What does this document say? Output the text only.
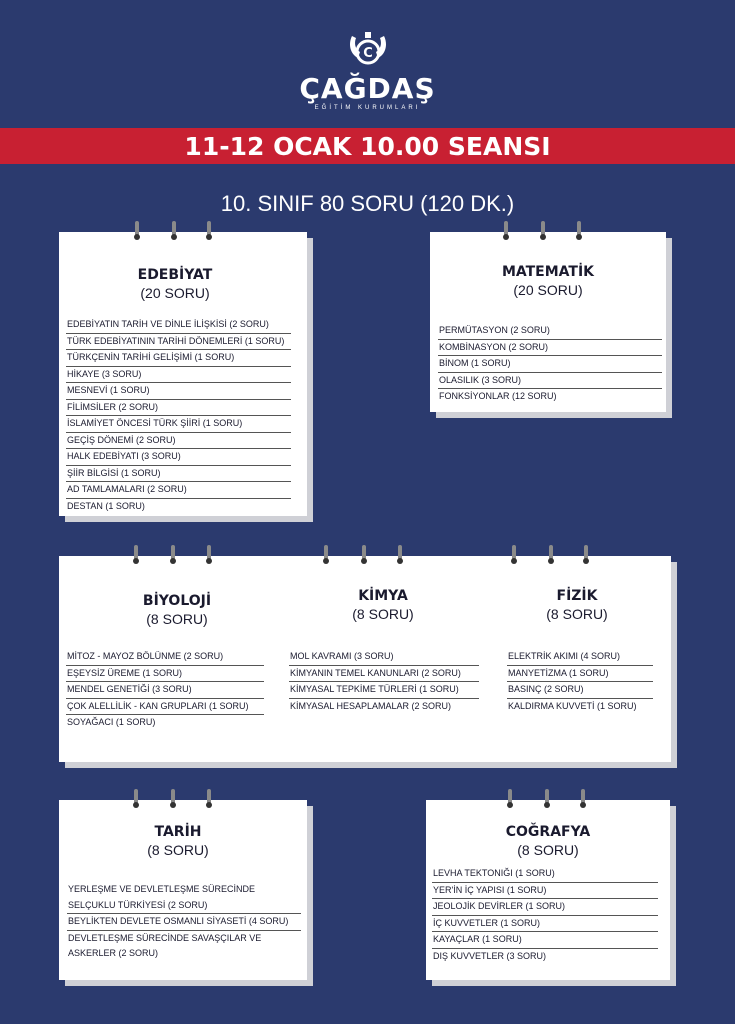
C
ÇAĞDAŞ
EĞİTİM KURUMLARI
11-12 OCAK 10.00 SEANSI
10. SINIF 80 SORU (120 DK.)
EDEBİYAT
(20 SORU)
EDEBİYATIN TARİH VE DİNLE İLİŞKİSİ (2 SORU)
TÜRK EDEBİYATININ TARİHİ DÖNEMLERİ (1 SORU)
TÜRKÇENİN TARİHİ GELİŞİMİ (1 SORU)
HİKAYE (3 SORU)
MESNEVİ (1 SORU)
FİLİMSİLER (2 SORU)
İSLAMİYET ÖNCESİ TÜRK ŞİİRİ (1 SORU)
GEÇİŞ DÖNEMİ (2 SORU)
HALK EDEBİYATI (3 SORU)
ŞİİR BİLGİSİ (1 SORU)
AD TAMLAMALARI (2 SORU)
DESTAN (1 SORU)
MATEMATİK
(20 SORU)
PERMÜTASYON (2 SORU)
KOMBİNASYON (2 SORU)
BİNOM (1 SORU)
OLASILIK (3 SORU)
FONKSİYONLAR (12 SORU)
BİYOLOJİ
(8 SORU)
MİTOZ - MAYOZ BÖLÜNME (2 SORU)
EŞEYSİZ ÜREME (1 SORU)
MENDEL GENETİĞİ (3 SORU)
ÇOK ALELLİLİK - KAN GRUPLARI (1 SORU)
SOYAĞACI (1 SORU)
KİMYA
(8 SORU)
MOL KAVRAMI (3 SORU)
KİMYANIN TEMEL KANUNLARI (2 SORU)
KİMYASAL TEPKİME TÜRLERİ (1 SORU)
KİMYASAL HESAPLAMALAR (2 SORU)
FİZİK
(8 SORU)
ELEKTRİK AKIMI (4 SORU)
MANYETİZMA (1 SORU)
BASINÇ (2 SORU)
KALDIRMA KUVVETİ (1 SORU)
TARİH
(8 SORU)
YERLEŞME VE DEVLETLEŞME SÜRECİNDE
SELÇUKLU TÜRKİYESİ (2 SORU)
BEYLİKTEN DEVLETE OSMANLI SİYASETİ (4 SORU)
DEVLETLEŞME SÜRECİNDE SAVAŞÇILAR VE
ASKERLER (2 SORU)
COĞRAFYA
(8 SORU)
LEVHA TEKTONIĞI (1 SORU)
YER'İN İÇ YAPISI (1 SORU)
JEOLOJİK DEVİRLER (1 SORU)
İÇ KUVVETLER (1 SORU)
KAYAÇLAR (1 SORU)
DIŞ KUVVETLER (3 SORU)
